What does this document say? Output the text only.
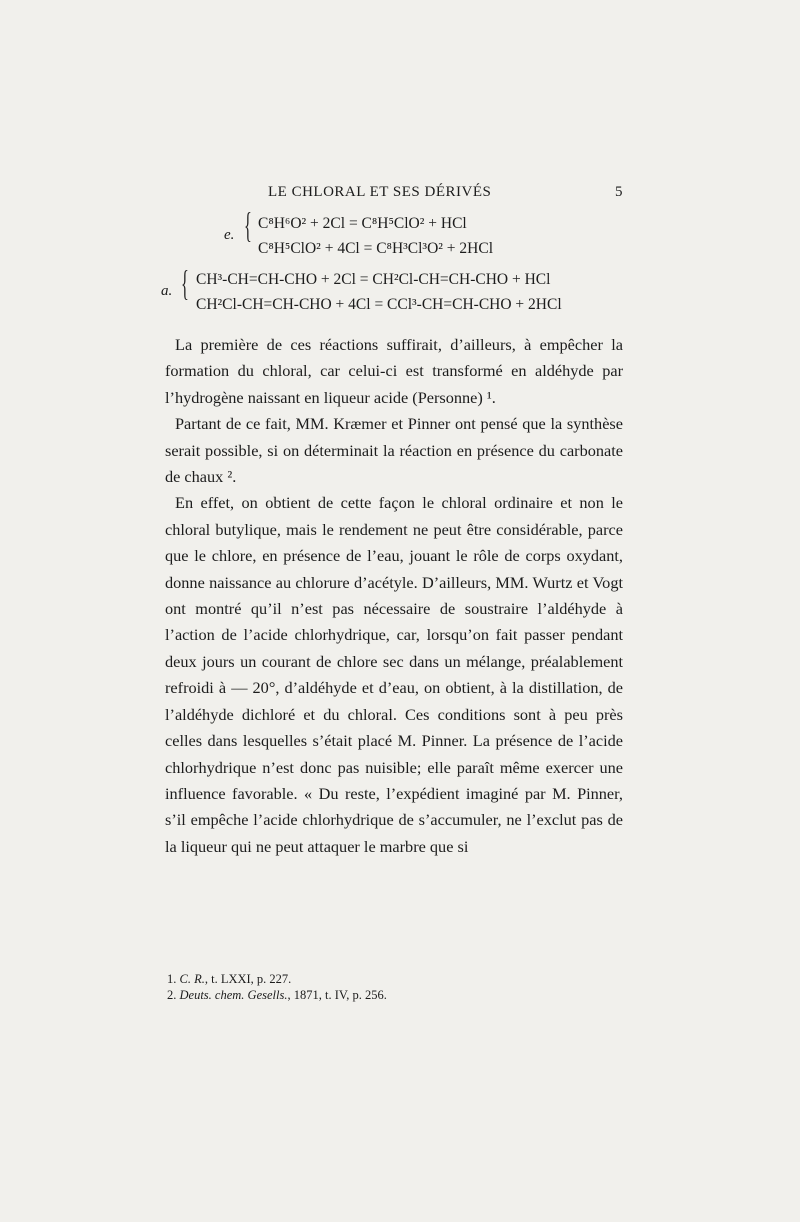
LE CHLORAL ET SES DÉRIVÉS	5
e. { C⁸H⁶O² + 2Cl = C⁸H⁵ClO² + HCl
C⁸H⁵ClO² + 4Cl = C⁸H³Cl³O² + 2HCl
a. { CH³-CH=CH-CHO + 2Cl = CH²Cl-CH=CH-CHO + HCl
CH²Cl-CH=CH-CHO + 4Cl = CCl³-CH=CH-CHO + 2HCl

La première de ces réactions suffirait, d’ailleurs, à empêcher la formation du chloral, car celui-ci est transformé en aldéhyde par l’hydrogène naissant en liqueur acide (Personne) ¹.

Partant de ce fait, MM. Kræmer et Pinner ont pensé que la synthèse serait possible, si on déterminait la réaction en présence du carbonate de chaux ².

En effet, on obtient de cette façon le chloral ordinaire et non le chloral butylique, mais le rendement ne peut être considérable, parce que le chlore, en présence de l’eau, jouant le rôle de corps oxydant, donne naissance au chlorure d’acétyle. D’ailleurs, MM. Wurtz et Vogt ont montré qu’il n’est pas nécessaire de soustraire l’aldéhyde à l’action de l’acide chlorhydrique, car, lorsqu’on fait passer pendant deux jours un courant de chlore sec dans un mélange, préalablement refroidi à — 20°, d’aldéhyde et d’eau, on obtient, à la distillation, de l’aldéhyde dichloré et du chloral. Ces conditions sont à peu près celles dans lesquelles s’était placé M. Pinner. La présence de l’acide chlorhydrique n’est donc pas nuisible; elle paraît même exercer une influence favorable. « Du reste, l’expédient imaginé par M. Pinner, s’il empêche l’acide chlorhydrique de s’accumuler, ne l’exclut pas de la liqueur qui ne peut attaquer le marbre que si

1. C. R., t. LXXI, p. 227.
2. Deuts. chem. Gesells., 1871, t. IV, p. 256.
